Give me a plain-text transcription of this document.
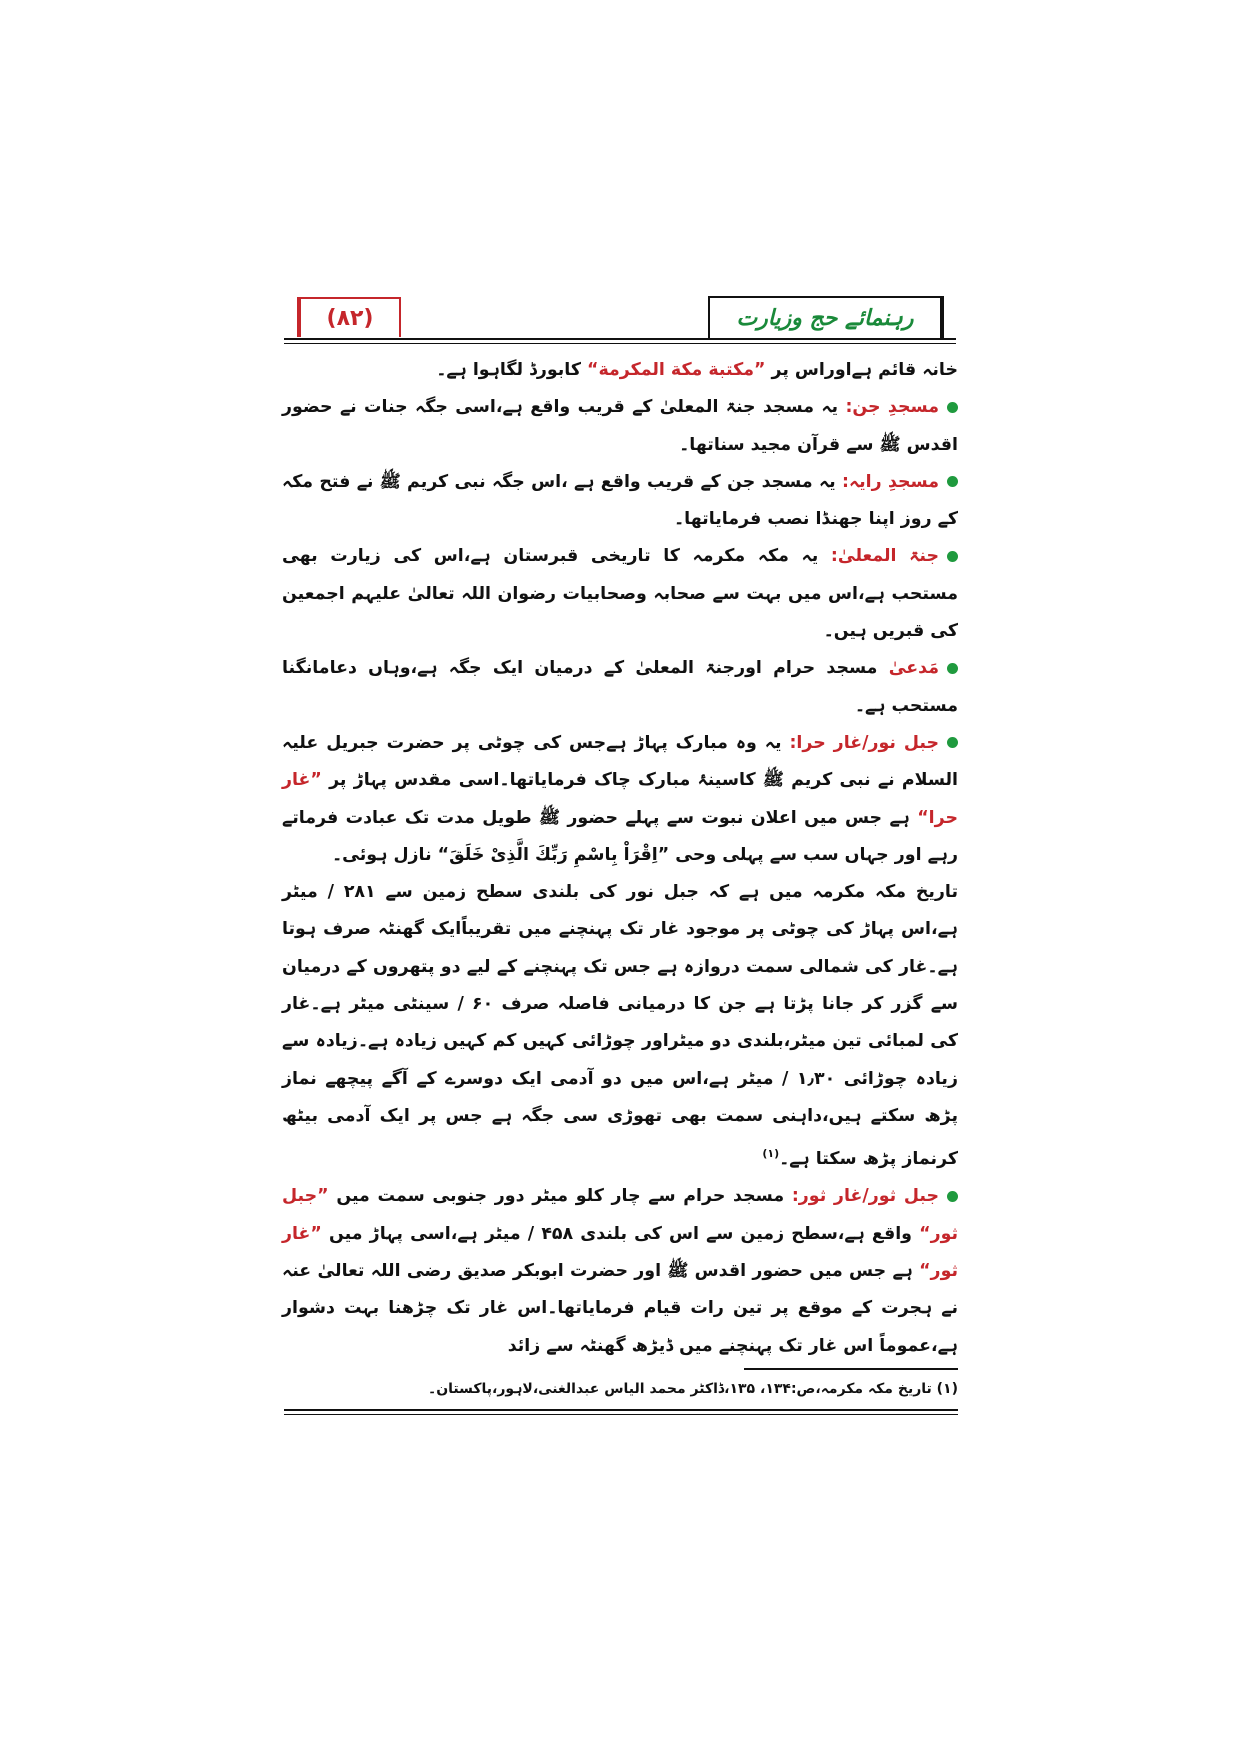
(۸۲)	رہنمائے حج وزیارت

خانہ قائم ہےاوراس پر ”مکتبة مكة المكرمة“ کابورڈ لگاہوا ہے۔

مسجدِ جن: یہ مسجد جنۃ المعلیٰ کے قریب واقع ہے،اسی جگہ جنات نے حضور اقدس ﷺ سے قرآن مجید سناتھا۔

مسجدِ رایہ: یہ مسجد جن کے قریب واقع ہے ،اس جگہ نبی کریم ﷺ نے فتح مکہ کے روز اپنا جھنڈا نصب فرمایاتھا۔

جنۃ المعلیٰ: یہ مکہ مکرمہ کا تاریخی قبرستان ہے،اس کی زیارت بھی مستحب ہے،اس میں بہت سے صحابہ وصحابیات رضوان اللہ تعالیٰ علیہم اجمعین کی قبریں ہیں۔

مَدعیٰ مسجد حرام اورجنۃ المعلیٰ کے درمیان ایک جگہ ہے،وہاں دعامانگنا مستحب ہے۔

جبل نور/غار حرا: یہ وہ مبارک پہاڑ ہےجس کی چوٹی پر حضرت جبریل علیہ السلام نے نبی کریم ﷺ کاسینۂ مبارک چاک فرمایاتھا۔اسی مقدس پہاڑ پر ”غار حرا“ ہے جس میں اعلان نبوت سے پہلے حضور ﷺ طویل مدت تک عبادت فرماتے رہے اور جہاں سب سے پہلی وحی ”اِقْرَاْ بِاسْمِ رَبِّكَ الَّذِىْ خَلَقَ“ نازل ہوئی۔

تاریخ مکہ مکرمہ میں ہے کہ جبل نور کی بلندی سطح زمین سے ۲۸۱ / میٹر ہے،اس پہاڑ کی چوٹی پر موجود غار تک پہنچنے میں تقریباًایک گھنٹہ صرف ہوتا ہے۔غار کی شمالی سمت دروازہ ہے جس تک پہنچنے کے لیے دو پتھروں کے درمیان سے گزر کر جانا پڑتا ہے جن کا درمیانی فاصلہ صرف ۶۰ / سینٹی میٹر ہے۔غار کی لمبائی تین میٹر،بلندی دو میٹراور چوڑائی کہیں کم کہیں زیادہ ہے۔زیادہ سے زیادہ چوڑائی ۱٫۳۰ / میٹر ہے،اس میں دو آدمی ایک دوسرے کے آگے پیچھے نماز پڑھ سکتے ہیں،داہنی سمت بھی تھوڑی سی جگہ ہے جس پر ایک آدمی بیٹھ کرنماز پڑھ سکتا ہے۔$^{(۱)}$

جبل ثور/غار ثور: مسجد حرام سے چار کلو میٹر دور جنوبی سمت میں ”جبل ثور“ واقع ہے،سطح زمین سے اس کی بلندی ۴۵۸ / میٹر ہے،اسی پہاڑ میں ”غار ثور“ ہے جس میں حضور اقدس ﷺ اور حضرت ابوبکر صدیق رضی اللہ تعالیٰ عنہ نے ہجرت کے موقع پر تین رات قیام فرمایاتھا۔اس غار تک چڑھنا بہت دشوار ہے،عموماً اس غار تک پہنچنے میں ڈیڑھ گھنٹہ سے زائد

(۱) تاریخ مکہ مکرمہ،ص:۱۳۴، ۱۳۵،ڈاکٹر محمد الیاس عبدالغنی،لاہور،پاکستان۔
